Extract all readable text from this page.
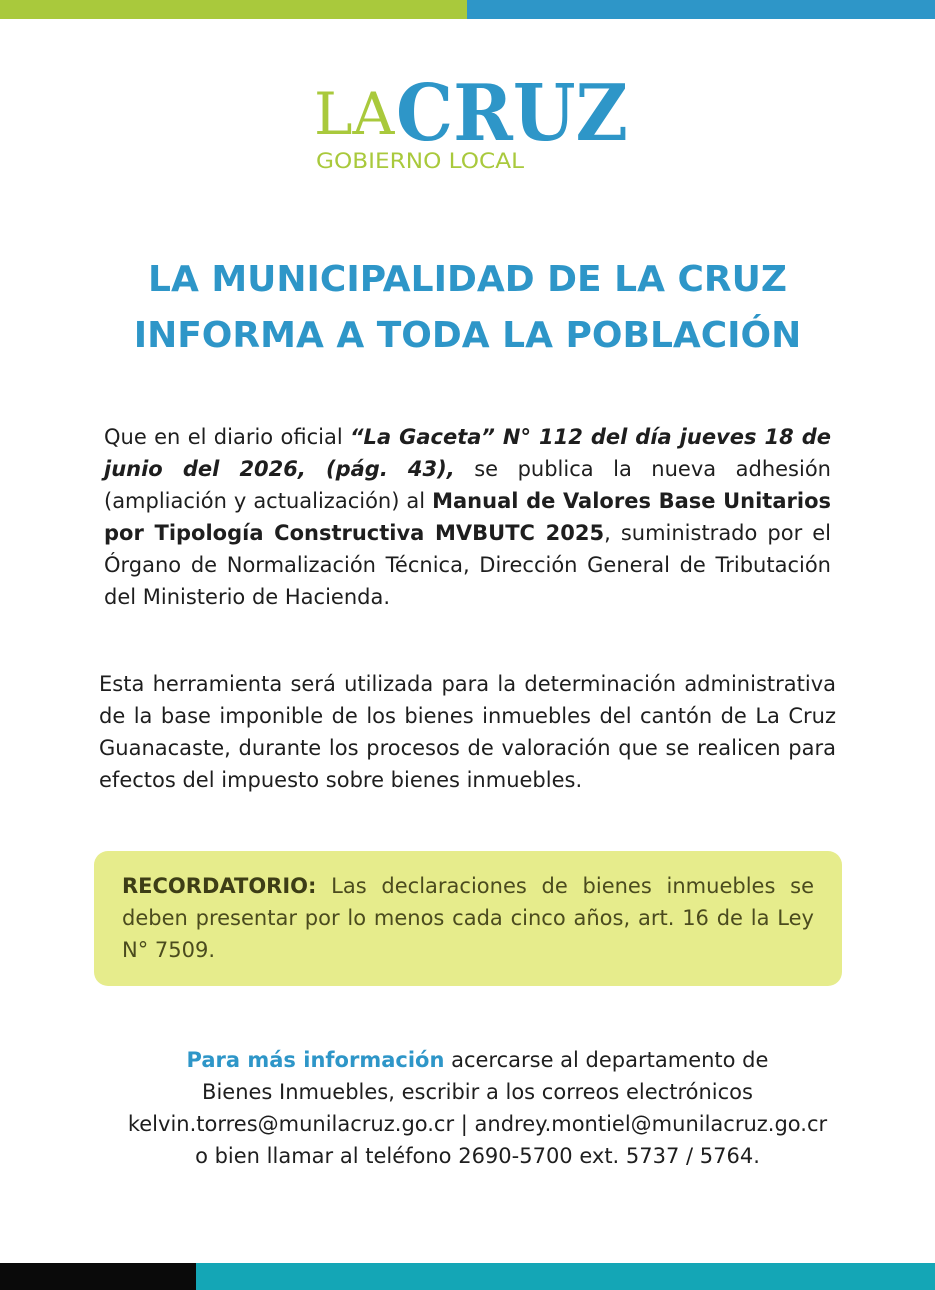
LA CRUZ
GOBIERNO LOCAL
LA MUNICIPALIDAD DE LA CRUZ
INFORMA A TODA LA POBLACIÓN
Que en el diario oficial “La Gaceta” N° 112 del día jueves 18 de junio del 2026, (pág. 43), se publica la nueva adhesión (ampliación y actualización) al Manual de Valores Base Unitarios por Tipología Constructiva MVBUTC 2025, suministrado por el Órgano de Normalización Técnica, Dirección General de Tributación del Ministerio de Hacienda.
Esta herramienta será utilizada para la determinación administrativa de la base imponible de los bienes inmuebles del cantón de La Cruz Guanacaste, durante los procesos de valoración que se realicen para efectos del impuesto sobre bienes inmuebles.
RECORDATORIO: Las declaraciones de bienes inmuebles se deben presentar por lo menos cada cinco años, art. 16 de la Ley N° 7509.
Para más información acercarse al departamento de
Bienes Inmuebles, escribir a los correos electrónicos
kelvin.torres@munilacruz.go.cr | andrey.montiel@munilacruz.go.cr
o bien llamar al teléfono 2690-5700 ext. 5737 / 5764.
